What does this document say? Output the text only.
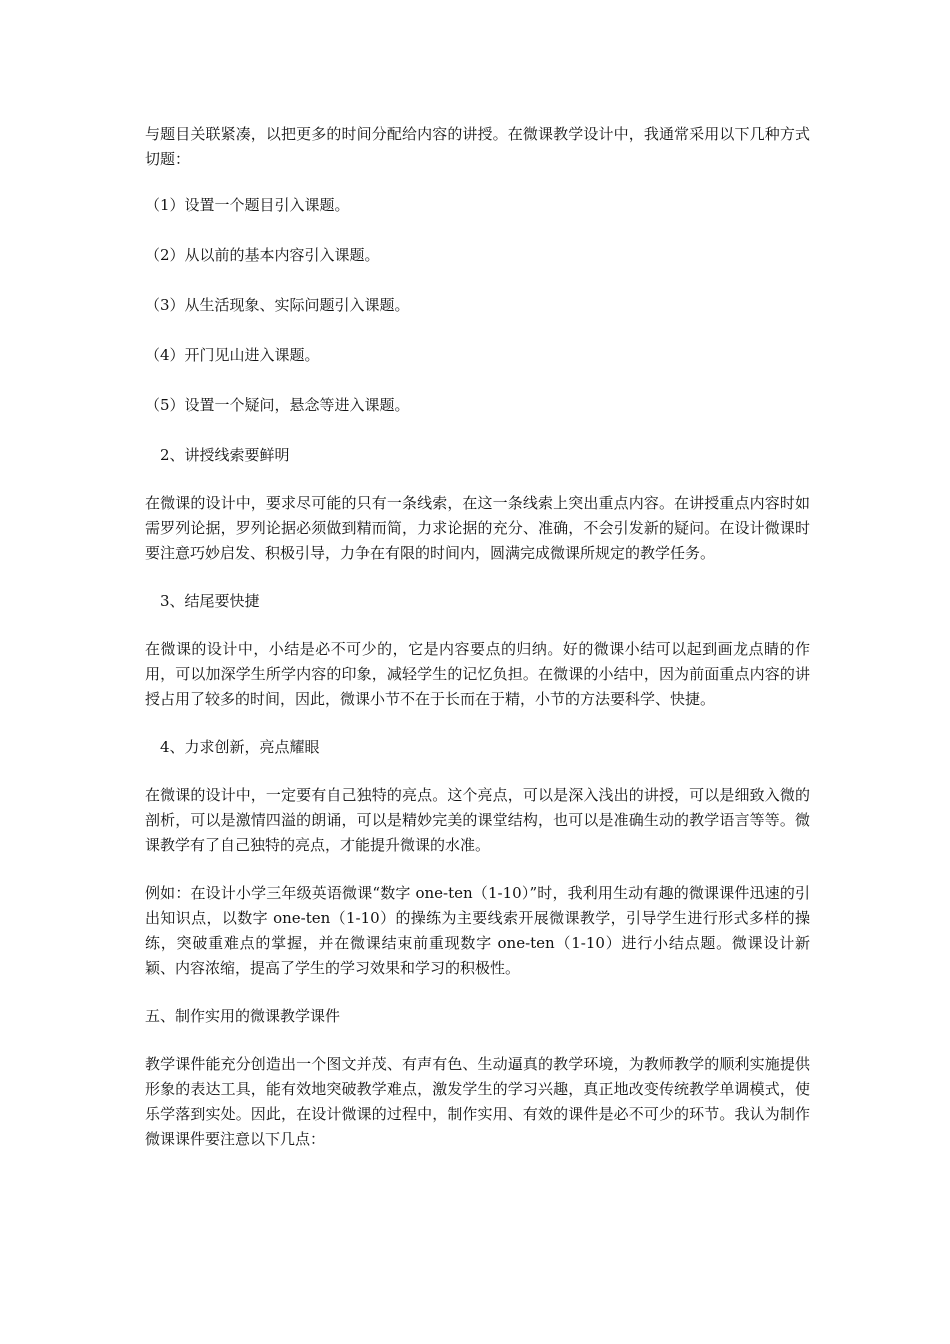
与题目关联紧凑，以把更多的时间分配给内容的讲授。在微课教学设计中，我通常采用以下几种方式切题：

（1）设置一个题目引入课题。

（2）从以前的基本内容引入课题。

（3）从生活现象、实际问题引入课题。

（4）开门见山进入课题。

（5）设置一个疑问，悬念等进入课题。

2、讲授线索要鲜明

在微课的设计中，要求尽可能的只有一条线索，在这一条线索上突出重点内容。在讲授重点内容时如需罗列论据，罗列论据必须做到精而简，力求论据的充分、准确，不会引发新的疑问。在设计微课时要注意巧妙启发、积极引导，力争在有限的时间内，圆满完成微课所规定的教学任务。

3、结尾要快捷

在微课的设计中，小结是必不可少的，它是内容要点的归纳。好的微课小结可以起到画龙点睛的作用，可以加深学生所学内容的印象，减轻学生的记忆负担。在微课的小结中，因为前面重点内容的讲授占用了较多的时间，因此，微课小节不在于长而在于精，小节的方法要科学、快捷。

4、力求创新，亮点耀眼

在微课的设计中，一定要有自己独特的亮点。这个亮点，可以是深入浅出的讲授，可以是细致入微的剖析，可以是激情四溢的朗诵，可以是精妙完美的课堂结构，也可以是准确生动的教学语言等等。微课教学有了自己独特的亮点，才能提升微课的水准。

例如：在设计小学三年级英语微课“数字 one-ten（1-10）”时，我利用生动有趣的微课课件迅速的引出知识点，以数字 one-ten（1-10）的操练为主要线索开展微课教学，引导学生进行形式多样的操练，突破重难点的掌握，并在微课结束前重现数字 one-ten（1-10）进行小结点题。微课设计新颖、内容浓缩，提高了学生的学习效果和学习的积极性。

五、制作实用的微课教学课件

教学课件能充分创造出一个图文并茂、有声有色、生动逼真的教学环境，为教师教学的顺利实施提供形象的表达工具，能有效地突破教学难点，激发学生的学习兴趣，真正地改变传统教学单调模式，使乐学落到实处。因此，在设计微课的过程中，制作实用、有效的课件是必不可少的环节。我认为制作微课课件要注意以下几点：
